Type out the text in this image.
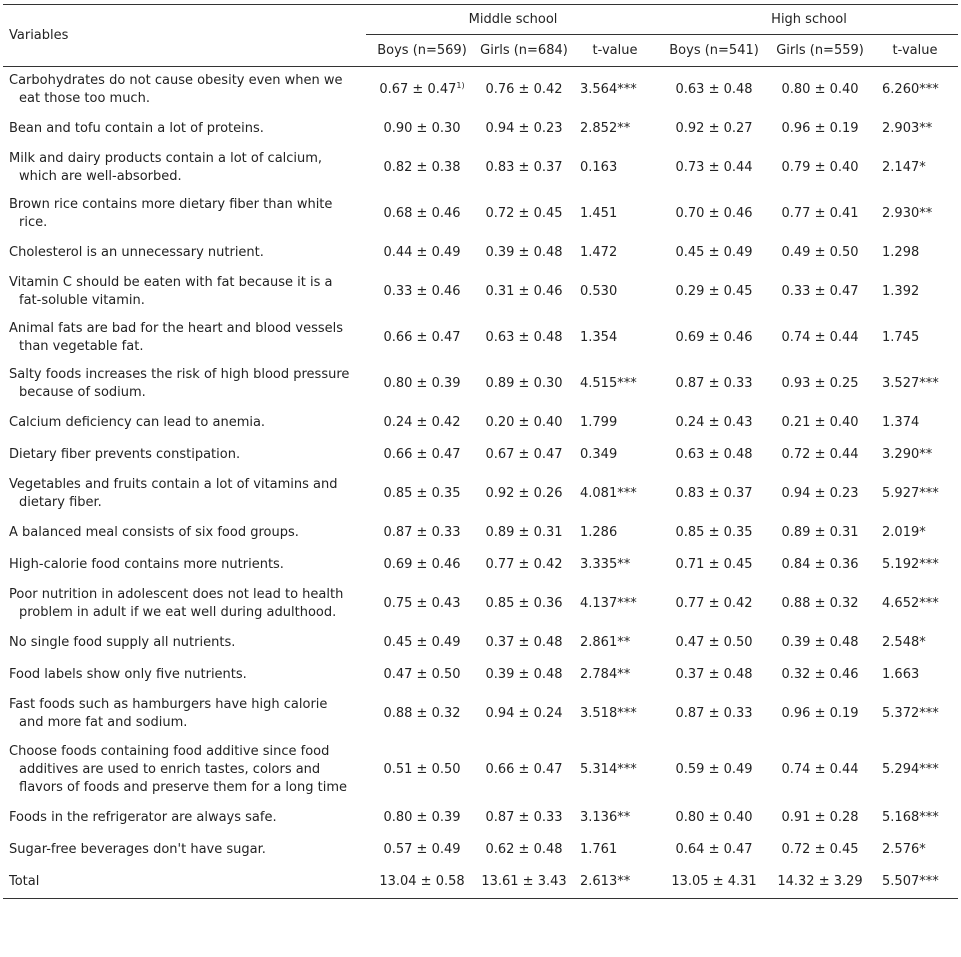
Variables	Middle school			High school		
	Boys (n=569)	Girls (n=684)	t-value	Boys (n=541)	Girls (n=559)	t-value

Carbohydrates do not cause obesity even when we
eat those too much.	$0.67 \pm 0.47^{1)}$	0.76 ± 0.42	3.564***	0.63 ± 0.48	0.80 ± 0.40	6.260***

Bean and tofu contain a lot of proteins.	0.90 ± 0.30	0.94 ± 0.23	2.852**	0.92 ± 0.27	0.96 ± 0.19	2.903**

Milk and dairy products contain a lot of calcium,
which are well-absorbed.	0.82 ± 0.38	0.83 ± 0.37	0.163	0.73 ± 0.44	0.79 ± 0.40	2.147*

Brown rice contains more dietary fiber than white
rice.	0.68 ± 0.46	0.72 ± 0.45	1.451	0.70 ± 0.46	0.77 ± 0.41	2.930**

Cholesterol is an unnecessary nutrient.	0.44 ± 0.49	0.39 ± 0.48	1.472	0.45 ± 0.49	0.49 ± 0.50	1.298

Vitamin C should be eaten with fat because it is a
fat-soluble vitamin.	0.33 ± 0.46	0.31 ± 0.46	0.530	0.29 ± 0.45	0.33 ± 0.47	1.392

Animal fats are bad for the heart and blood vessels
than vegetable fat.	0.66 ± 0.47	0.63 ± 0.48	1.354	0.69 ± 0.46	0.74 ± 0.44	1.745

Salty foods increases the risk of high blood pressure
because of sodium.	0.80 ± 0.39	0.89 ± 0.30	4.515***	0.87 ± 0.33	0.93 ± 0.25	3.527***

Calcium deficiency can lead to anemia.	0.24 ± 0.42	0.20 ± 0.40	1.799	0.24 ± 0.43	0.21 ± 0.40	1.374

Dietary fiber prevents constipation.	0.66 ± 0.47	0.67 ± 0.47	0.349	0.63 ± 0.48	0.72 ± 0.44	3.290**

Vegetables and fruits contain a lot of vitamins and
dietary fiber.	0.85 ± 0.35	0.92 ± 0.26	4.081***	0.83 ± 0.37	0.94 ± 0.23	5.927***

A balanced meal consists of six food groups.	0.87 ± 0.33	0.89 ± 0.31	1.286	0.85 ± 0.35	0.89 ± 0.31	2.019*

High-calorie food contains more nutrients.	0.69 ± 0.46	0.77 ± 0.42	3.335**	0.71 ± 0.45	0.84 ± 0.36	5.192***

Poor nutrition in adolescent does not lead to health
problem in adult if we eat well during adulthood.	0.75 ± 0.43	0.85 ± 0.36	4.137***	0.77 ± 0.42	0.88 ± 0.32	4.652***

No single food supply all nutrients.	0.45 ± 0.49	0.37 ± 0.48	2.861**	0.47 ± 0.50	0.39 ± 0.48	2.548*

Food labels show only five nutrients.	0.47 ± 0.50	0.39 ± 0.48	2.784**	0.37 ± 0.48	0.32 ± 0.46	1.663

Fast foods such as hamburgers have high calorie
and more fat and sodium.	0.88 ± 0.32	0.94 ± 0.24	3.518***	0.87 ± 0.33	0.96 ± 0.19	5.372***

Choose foods containing food additive since food
additives are used to enrich tastes, colors and
flavors of foods and preserve them for a long time	0.51 ± 0.50	0.66 ± 0.47	5.314***	0.59 ± 0.49	0.74 ± 0.44	5.294***

Foods in the refrigerator are always safe.	0.80 ± 0.39	0.87 ± 0.33	3.136**	0.80 ± 0.40	0.91 ± 0.28	5.168***

Sugar-free beverages don't have sugar.	0.57 ± 0.49	0.62 ± 0.48	1.761	0.64 ± 0.47	0.72 ± 0.45	2.576*

Total	13.04 ± 0.58	13.61 ± 3.43	2.613**	13.05 ± 4.31	14.32 ± 3.29	5.507***
